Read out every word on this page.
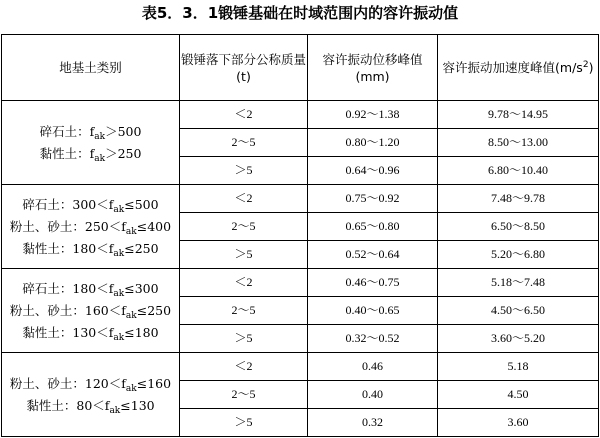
表5．3．1锻锤基础在时域范围内的容许振动值
地基土类别	锻锤落下部分公称质量(t)	容许振动位移峰值(mm)	容许振动加速度峰值$(m/s^2)$

碎石土：$f_{ak}>500$
黏性土：$f_{ak}>250$	＜2	0.92～1.38	9.78～14.95
	2～5	0.80～1.20	8.50～13.00
	＞5	0.64～0.96	6.80～10.40

碎石土：$300<f_{ak}\le 500$
粉土、砂土：$250<f_{ak}\le 400$
黏性土：$180<f_{ak}\le 250$	＜2	0.75～0.92	7.48～9.78
	2～5	0.65～0.80	6.50～8.50
	＞5	0.52～0.64	5.20～6.80

碎石土：$180<f_{ak}\le 300$
粉土、砂土：$160<f_{ak}\le 250$
黏性土：$130<f_{ak}\le 180$	＜2	0.46～0.75	5.18～7.48
	2～5	0.40～0.65	4.50～6.50
	＞5	0.32～0.52	3.60～5.20

粉土、砂土：$120<f_{ak}\le 160$
黏性土：$80<f_{ak}\le 130$	＜2	0.46	5.18
	2～5	0.40	4.50
	＞5	0.32	3.60
